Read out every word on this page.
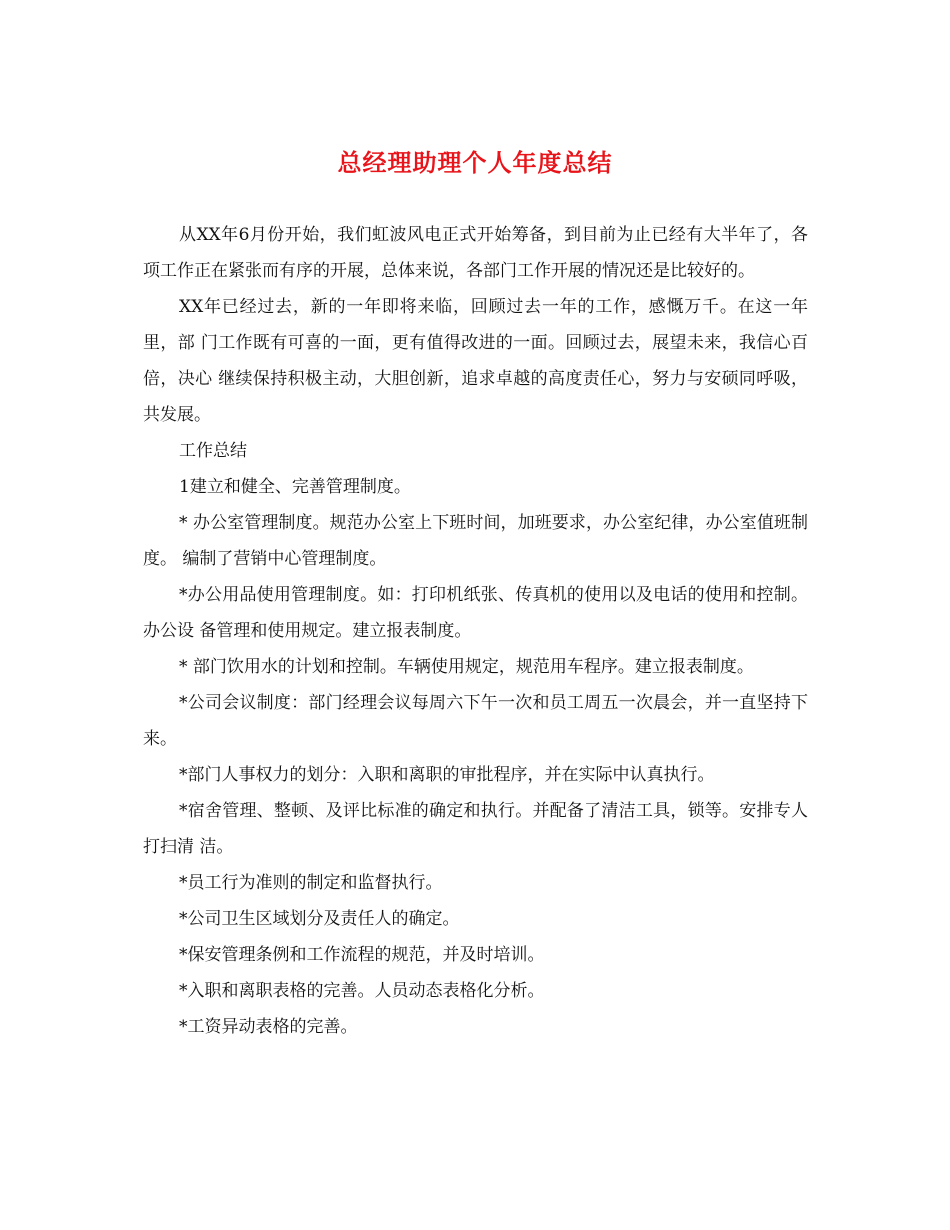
总经理助理个人年度总结

从XX年6月份开始，我们虹波风电正式开始筹备，到目前为止已经有大半年了，各项工作正在紧张而有序的开展，总体来说，各部门工作开展的情况还是比较好的。

XX年已经过去，新的一年即将来临，回顾过去一年的工作，感慨万千。在这一年里，部 门工作既有可喜的一面，更有值得改进的一面。回顾过去，展望未来，我信心百倍，决心 继续保持积极主动，大胆创新，追求卓越的高度责任心，努力与安硕同呼吸，共发展。

工作总结

1建立和健全、完善管理制度。

* 办公室管理制度。规范办公室上下班时间，加班要求，办公室纪律，办公室值班制度。 编制了营销中心管理制度。

*办公用品使用管理制度。如：打印机纸张、传真机的使用以及电话的使用和控制。办公设 备管理和使用规定。建立报表制度。

* 部门饮用水的计划和控制。车辆使用规定，规范用车程序。建立报表制度。

*公司会议制度：部门经理会议每周六下午一次和员工周五一次晨会，并一直坚持下来。

*部门人事权力的划分：入职和离职的审批程序，并在实际中认真执行。

*宿舍管理、整顿、及评比标准的确定和执行。并配备了清洁工具，锁等。安排专人打扫清 洁。

*员工行为准则的制定和监督执行。

*公司卫生区域划分及责任人的确定。

*保安管理条例和工作流程的规范，并及时培训。

*入职和离职表格的完善。人员动态表格化分析。

*工资异动表格的完善。
